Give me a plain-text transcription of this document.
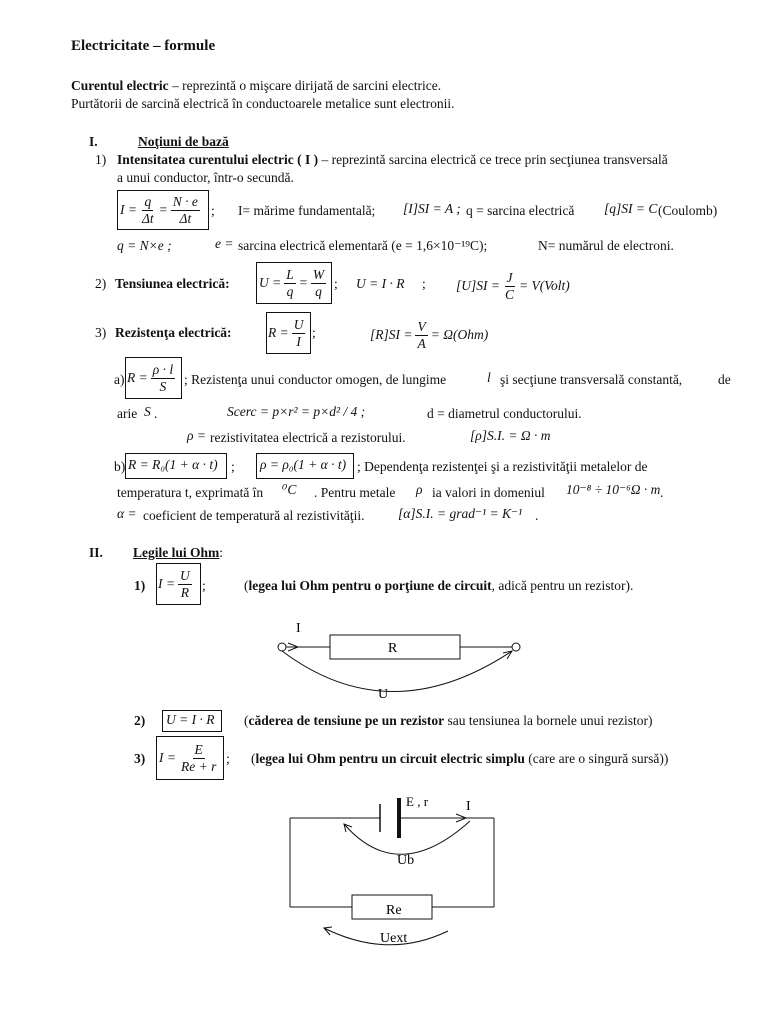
Electricitate – formule
Curentul electric – reprezintă o mişcare dirijată de sarcini electrice.
Purtătorii de sarcină electrică în conductoarele metalice sunt electronii.
I.	Noţiuni de bază
1) Intensitatea curentului electric ( I ) – reprezintă sarcina electrică ce trece prin secţiunea transversală
a unui conductor, într-o secundă.
$I = \frac{q}{\Delta t} = \frac{N \cdot e}{\Delta t}$ ; I= mărime fundamentală; [I]SI = A ; q = sarcina electrică [q]SI = C (Coulomb)
q = N×e ;	e = sarcina electrică elementară (e = 1,6×10⁻¹⁹C);	N= numărul de electroni.
2) Tensiunea electrică: $U = \frac{L}{q} = \frac{W}{q}$ ; U = I · R ; $[U]SI = \frac{J}{C}$ = V(Volt)
3) Rezistenţa electrică:	$R = \frac{U}{I}$ ;	$[R]SI = \frac{V}{A} = \Omega(Ohm)$
a) $R = \frac{\rho \cdot l}{S}$ ; Rezistenţa unui conductor omogen, de lungime	l şi secţiune transversală constantă,	de
arie S .	Scerc = p×r² = p×d² / 4 ;	d = diametrul conductorului.
ρ = rezistivitatea electrică a rezistorului.	[ρ]S.I. = Ω · m
b) R = R₀(1 + α · t) ; ρ = ρ₀(1 + α · t) ; Dependenţa rezistenţei şi a rezistivităţii metalelor de
temperatura t, exprimată în ⁰C . Pentru metale ρ ia valori in domeniul 10⁻⁸ ÷ 10⁻⁶Ω · m .
α = coeficient de temperatură al rezistivităţii. [α]S.I. = grad⁻¹ = K⁻¹ .
II. Legile lui Ohm:
1) $I = \frac{U}{R}$ ;	(legea lui Ohm pentru o porţiune de circuit, adică pentru un rezistor).
I
R
U
2) U = I · R (căderea de tensiune pe un rezistor sau tensiunea la bornele unui rezistor)
3) $I = \frac{E}{Re + r}$ ; (legea lui Ohm pentru un circuit electric simplu (care are o singură sursă))
E , r	I
Ub
Re
Uext
